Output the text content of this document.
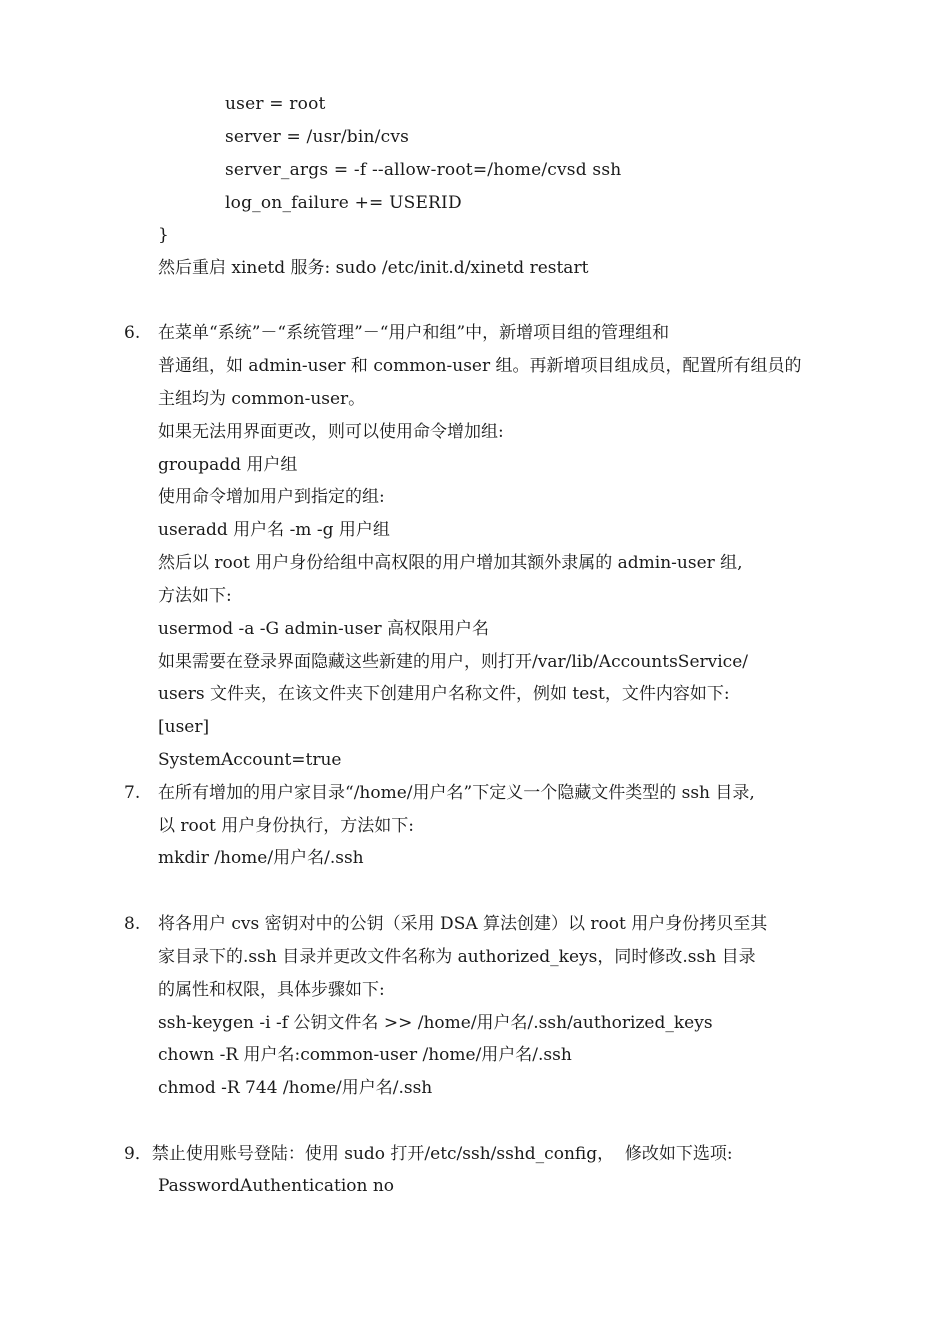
user = root
server = /usr/bin/cvs
server_args = -f --allow-root=/home/cvsd ssh
log_on_failure += USERID
}
然后重启 xinetd 服务: sudo /etc/init.d/xinetd restart
6. 在菜单“系统”－“系统管理”－“用户和组”中，新增项目组的管理组和
普通组，如 admin-user 和 common-user 组。再新增项目组成员，配置所有组员的
主组均为 common-user。
如果无法用界面更改，则可以使用命令增加组:
groupadd 用户组
使用命令增加用户到指定的组:
useradd 用户名 -m -g 用户组
然后以 root 用户身份给组中高权限的用户增加其额外隶属的 admin-user 组,
方法如下:
usermod -a -G admin-user 高权限用户名
如果需要在登录界面隐藏这些新建的用户，则打开/var/lib/AccountsService/
users 文件夹，在该文件夹下创建用户名称文件，例如 test，文件内容如下:
[user]
SystemAccount=true
7. 在所有增加的用户家目录“/home/用户名”下定义一个隐藏文件类型的 ssh 目录,
以 root 用户身份执行，方法如下:
mkdir /home/用户名/.ssh
8. 将各用户 cvs 密钥对中的公钥（采用 DSA 算法创建）以 root 用户身份拷贝至其
家目录下的.ssh 目录并更改文件名称为 authorized_keys，同时修改.ssh 目录
的属性和权限，具体步骤如下:
ssh-keygen -i -f 公钥文件名 >> /home/用户名/.ssh/authorized_keys
chown -R 用户名:common-user /home/用户名/.ssh
chmod -R 744 /home/用户名/.ssh
9．禁止使用账号登陆：使用 sudo 打开/etc/ssh/sshd_config，  修改如下选项:
PasswordAuthentication no
